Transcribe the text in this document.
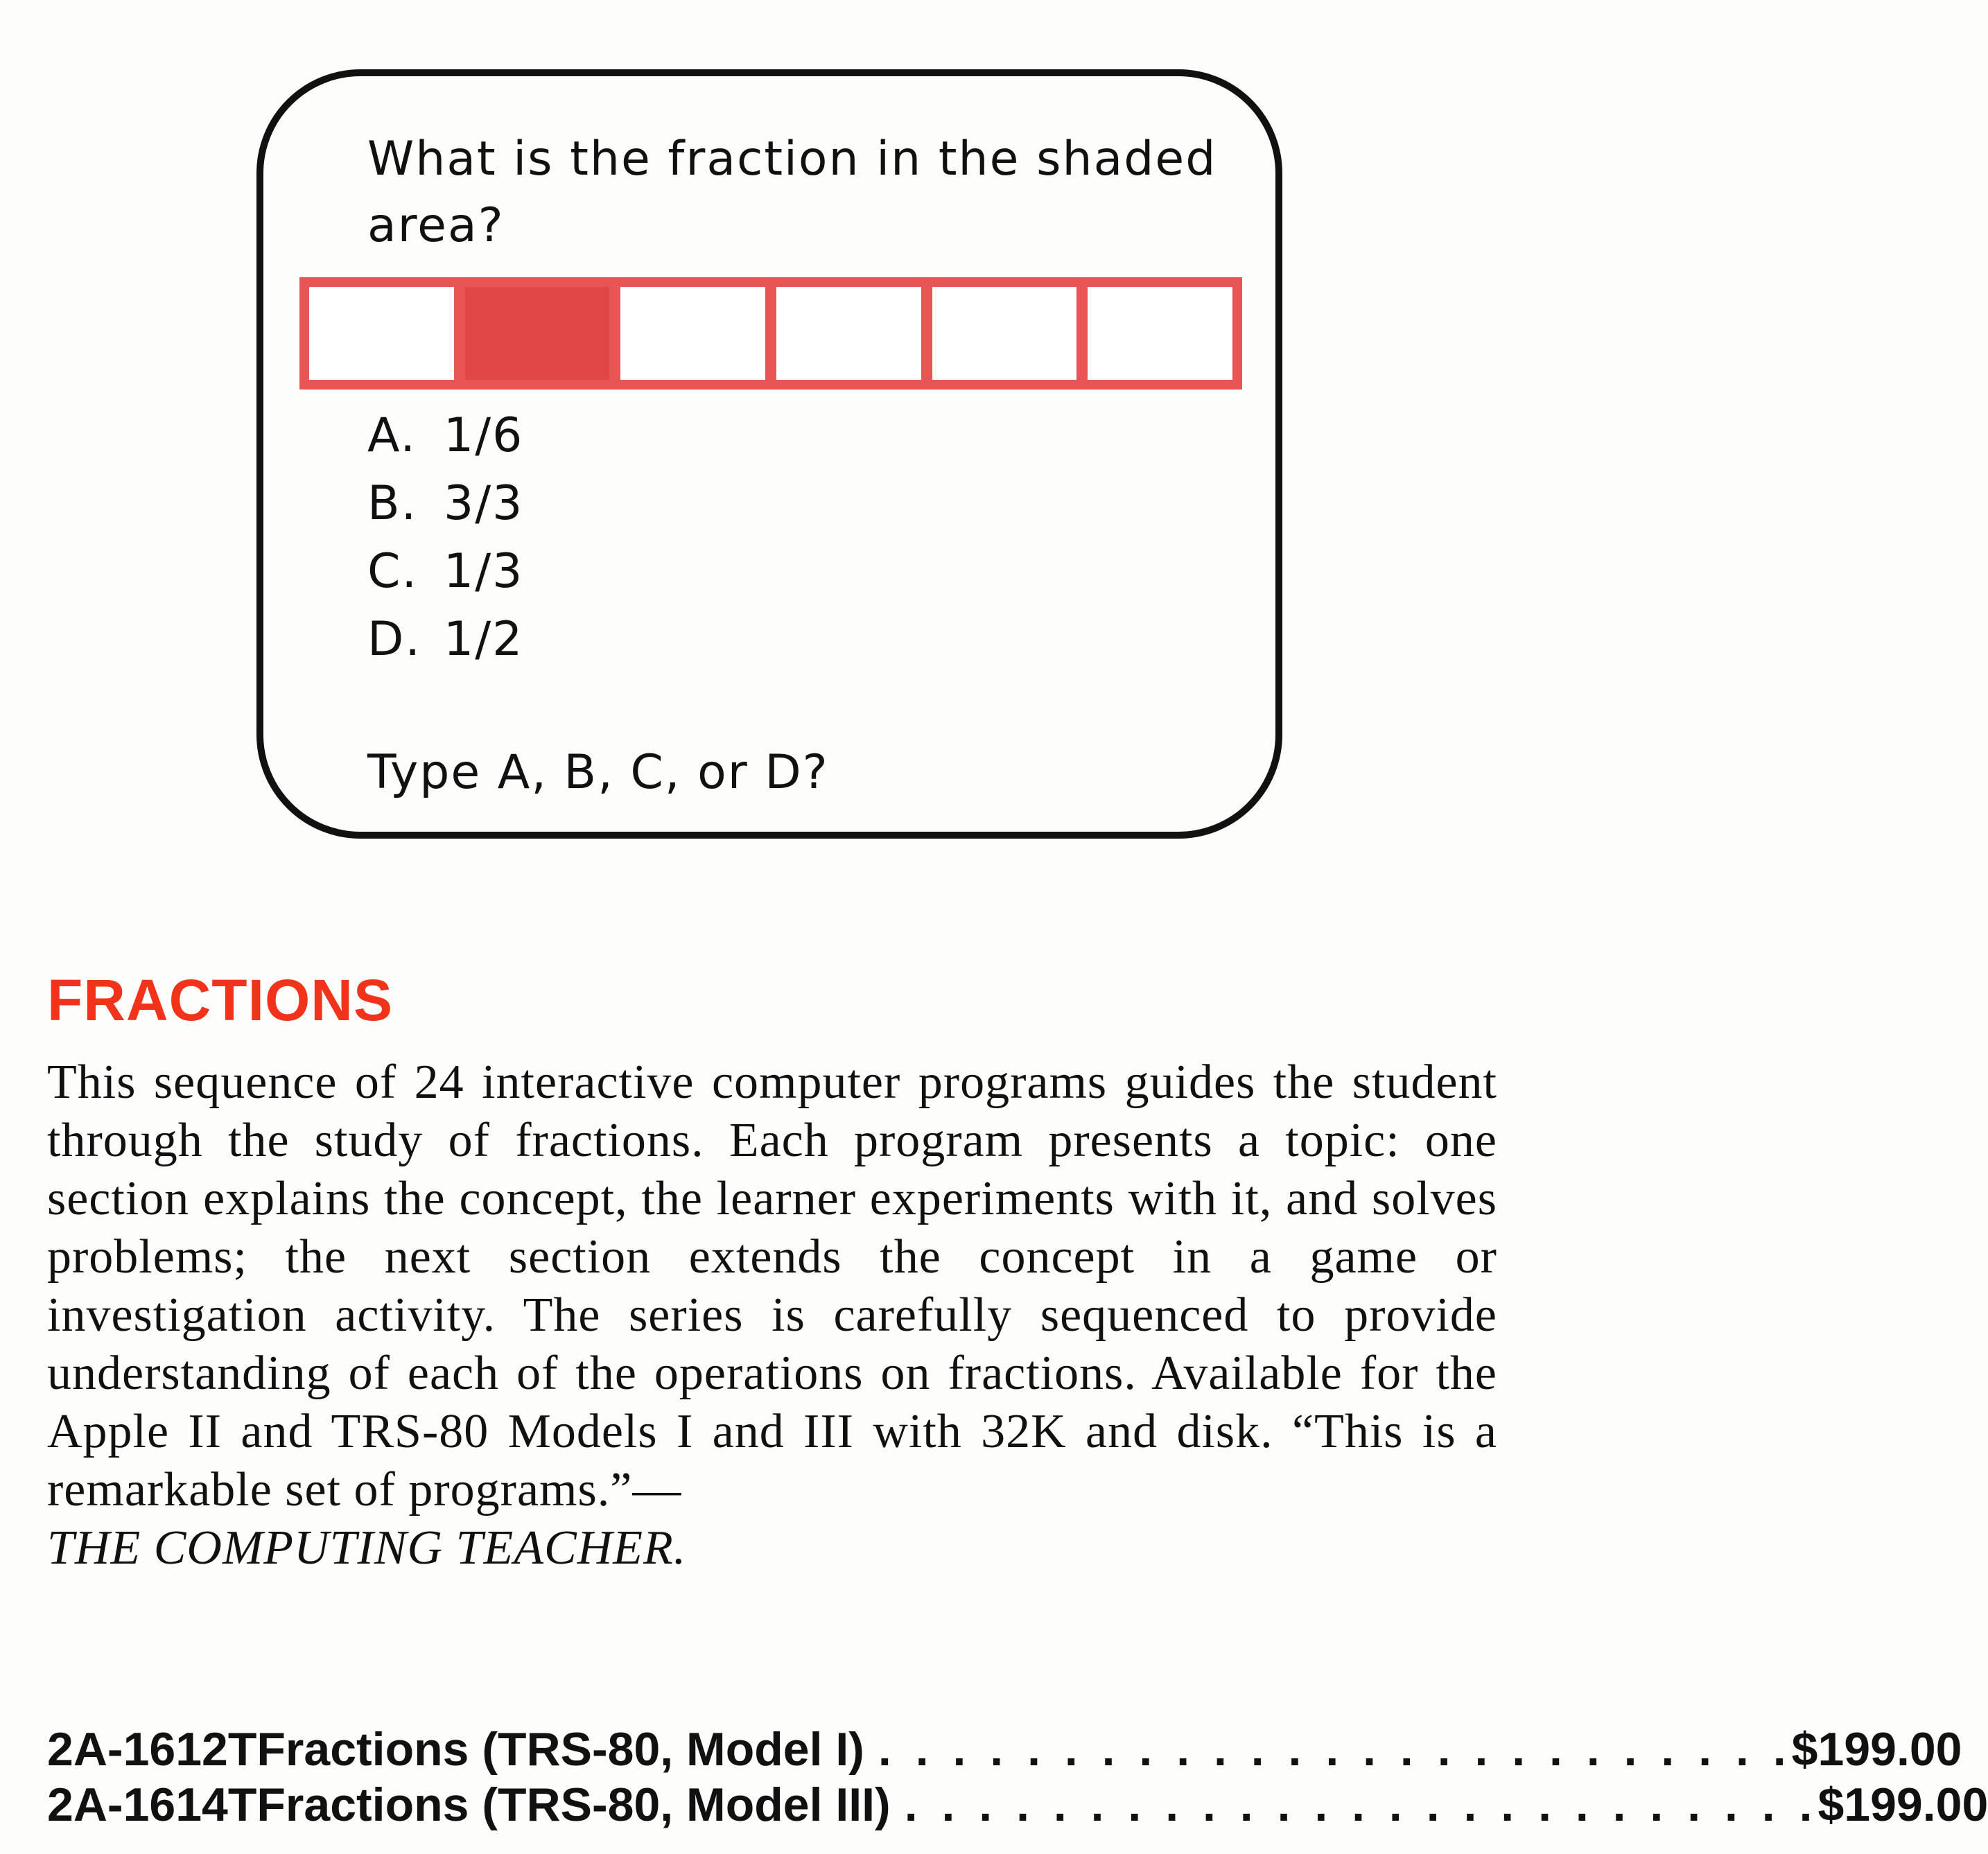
What is the fraction in the shaded area?
A. 1/6
B. 3/3
C. 1/3
D. 1/2
Type A, B, C, or D?
FRACTIONS

This sequence of 24 interactive computer programs guides the student through the study of fractions. Each program presents a topic: one section explains the concept, the learner experiments with it, and solves problems; the next section extends the concept in a game or investigation activity. The series is carefully sequenced to provide understanding of each of the operations on fractions. Available for the Apple II and TRS-80 Models I and III with 32K and disk. “This is a remarkable set of programs.”—
THE COMPUTING TEACHER.

2A-1612T Fractions (TRS-80, Model I) . . . . . . . . . . . . . . . . . . . . . . . . . $199.00
2A-1614T Fractions (TRS-80, Model III) . . . . . . . . . . . . . . . . . . . . . . . . . $199.00
